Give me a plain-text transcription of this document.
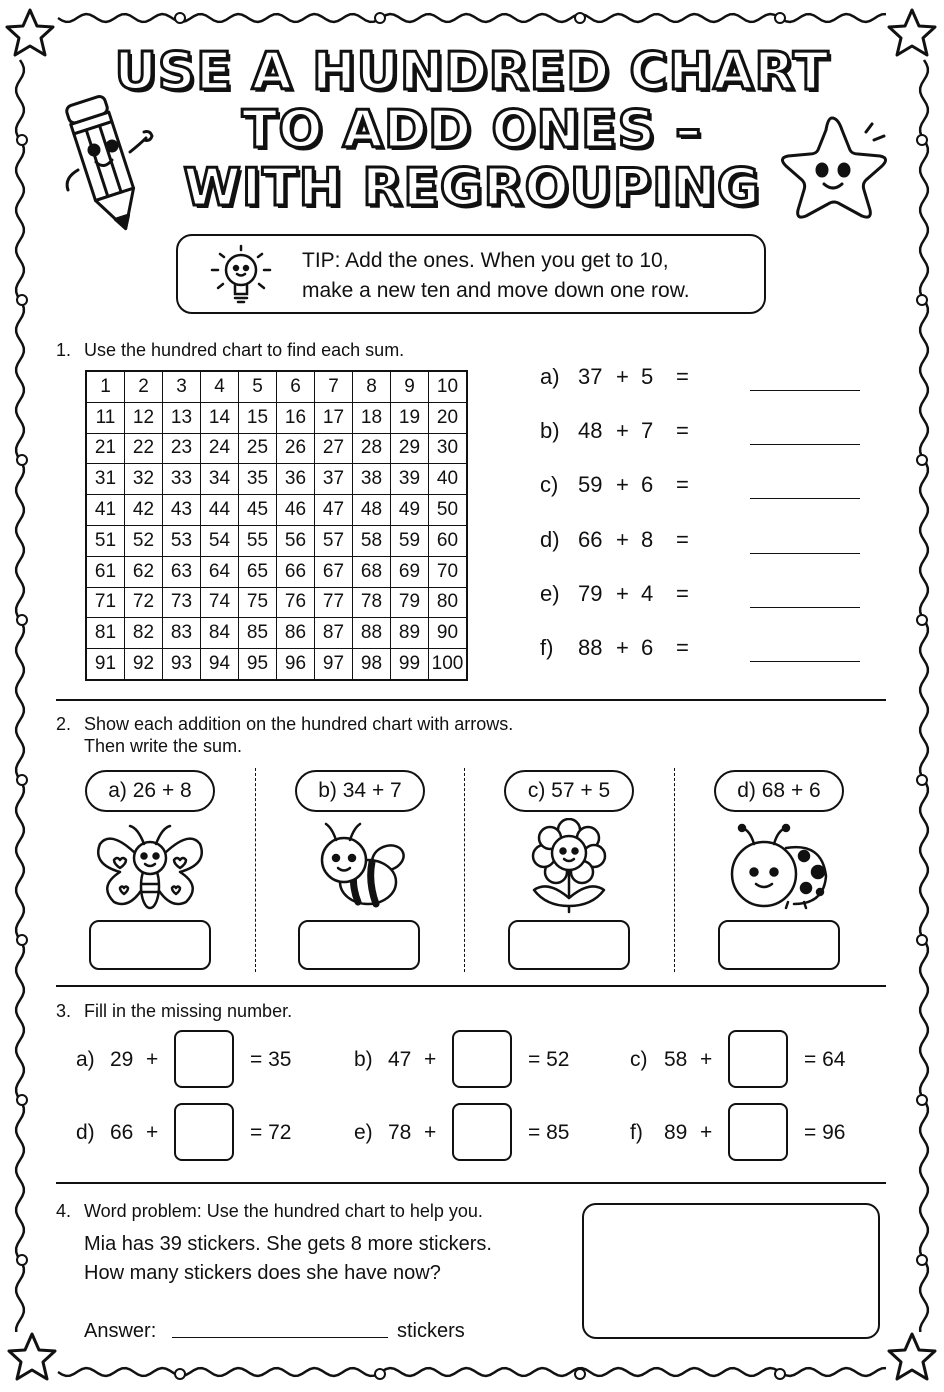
USE A HUNDRED CHART
TO ADD ONES –
WITH REGROUPING
TIP: Add the ones. When you get to 10,
make a new ten and move down one row.
1. Use the hundred chart to find each sum.
1	2	3	4	5	6	7	8	9	10
11	12	13	14	15	16	17	18	19	20
21	22	23	24	25	26	27	28	29	30
31	32	33	34	35	36	37	38	39	40
41	42	43	44	45	46	47	48	49	50
51	52	53	54	55	56	57	58	59	60
61	62	63	64	65	66	67	68	69	70
71	72	73	74	75	76	77	78	79	80
81	82	83	84	85	86	87	88	89	90
91	92	93	94	95	96	97	98	99	100
a) 37 + 5 =
b) 48 + 7 =
c) 59 + 6 =
d) 66 + 8 =
e) 79 + 4 =
f) 88 + 6 =
2. Show each addition on the hundred chart with arrows.
Then write the sum.
a) 26 + 8	b) 34 + 7	c) 57 + 5	d) 68 + 6
3. Fill in the missing number.
a) 29 +	= 35	b) 47 +	= 52	c) 58 +	= 64
d) 66 +	= 72	e) 78 +	= 85	f) 89 +	= 96
4. Word problem: Use the hundred chart to help you.
Mia has 39 stickers. She gets 8 more stickers.
How many stickers does she have now?
Answer:	stickers
